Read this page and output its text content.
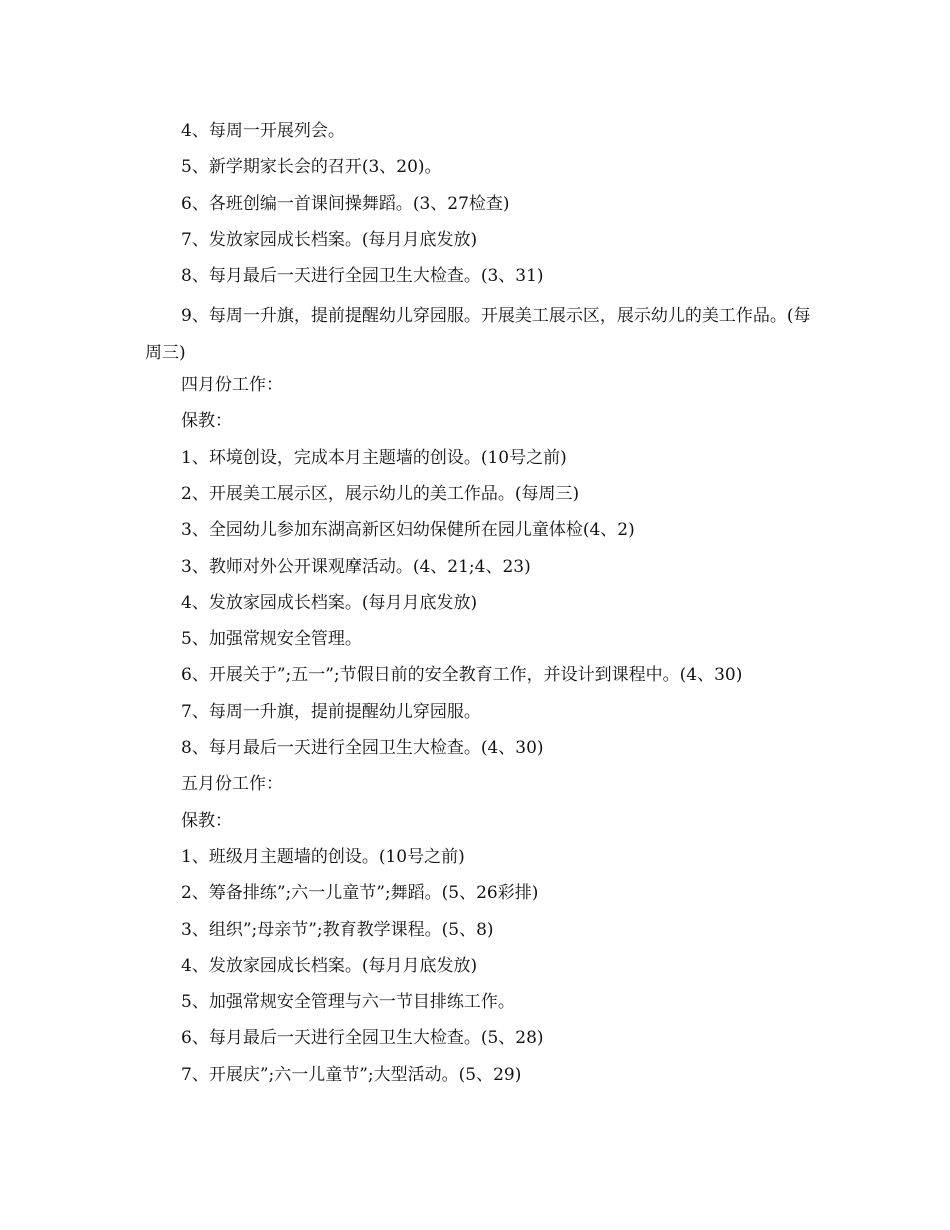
4、每周一开展列会。
5、新学期家长会的召开(3、20)。
6、各班创编一首课间操舞蹈。(3、27检查)
7、发放家园成长档案。(每月月底发放)
8、每月最后一天进行全园卫生大检查。(3、31)
9、每周一升旗，提前提醒幼儿穿园服。开展美工展示区，展示幼儿的美工作品。(每周三)
四月份工作：
保教：
1、环境创设，完成本月主题墙的创设。(10号之前)
2、开展美工展示区，展示幼儿的美工作品。(每周三)
3、全园幼儿参加东湖高新区妇幼保健所在园儿童体检(4、2)
3、教师对外公开课观摩活动。(4、21;4、23)
4、发放家园成长档案。(每月月底发放)
5、加强常规安全管理。
6、开展关于”;五一”;节假日前的安全教育工作，并设计到课程中。(4、30)
7、每周一升旗，提前提醒幼儿穿园服。
8、每月最后一天进行全园卫生大检查。(4、30)
五月份工作：
保教：
1、班级月主题墙的创设。(10号之前)
2、筹备排练”;六一儿童节”;舞蹈。(5、26彩排)
3、组织”;母亲节”;教育教学课程。(5、8)
4、发放家园成长档案。(每月月底发放)
5、加强常规安全管理与六一节目排练工作。
6、每月最后一天进行全园卫生大检查。(5、28)
7、开展庆”;六一儿童节”;大型活动。(5、29)
